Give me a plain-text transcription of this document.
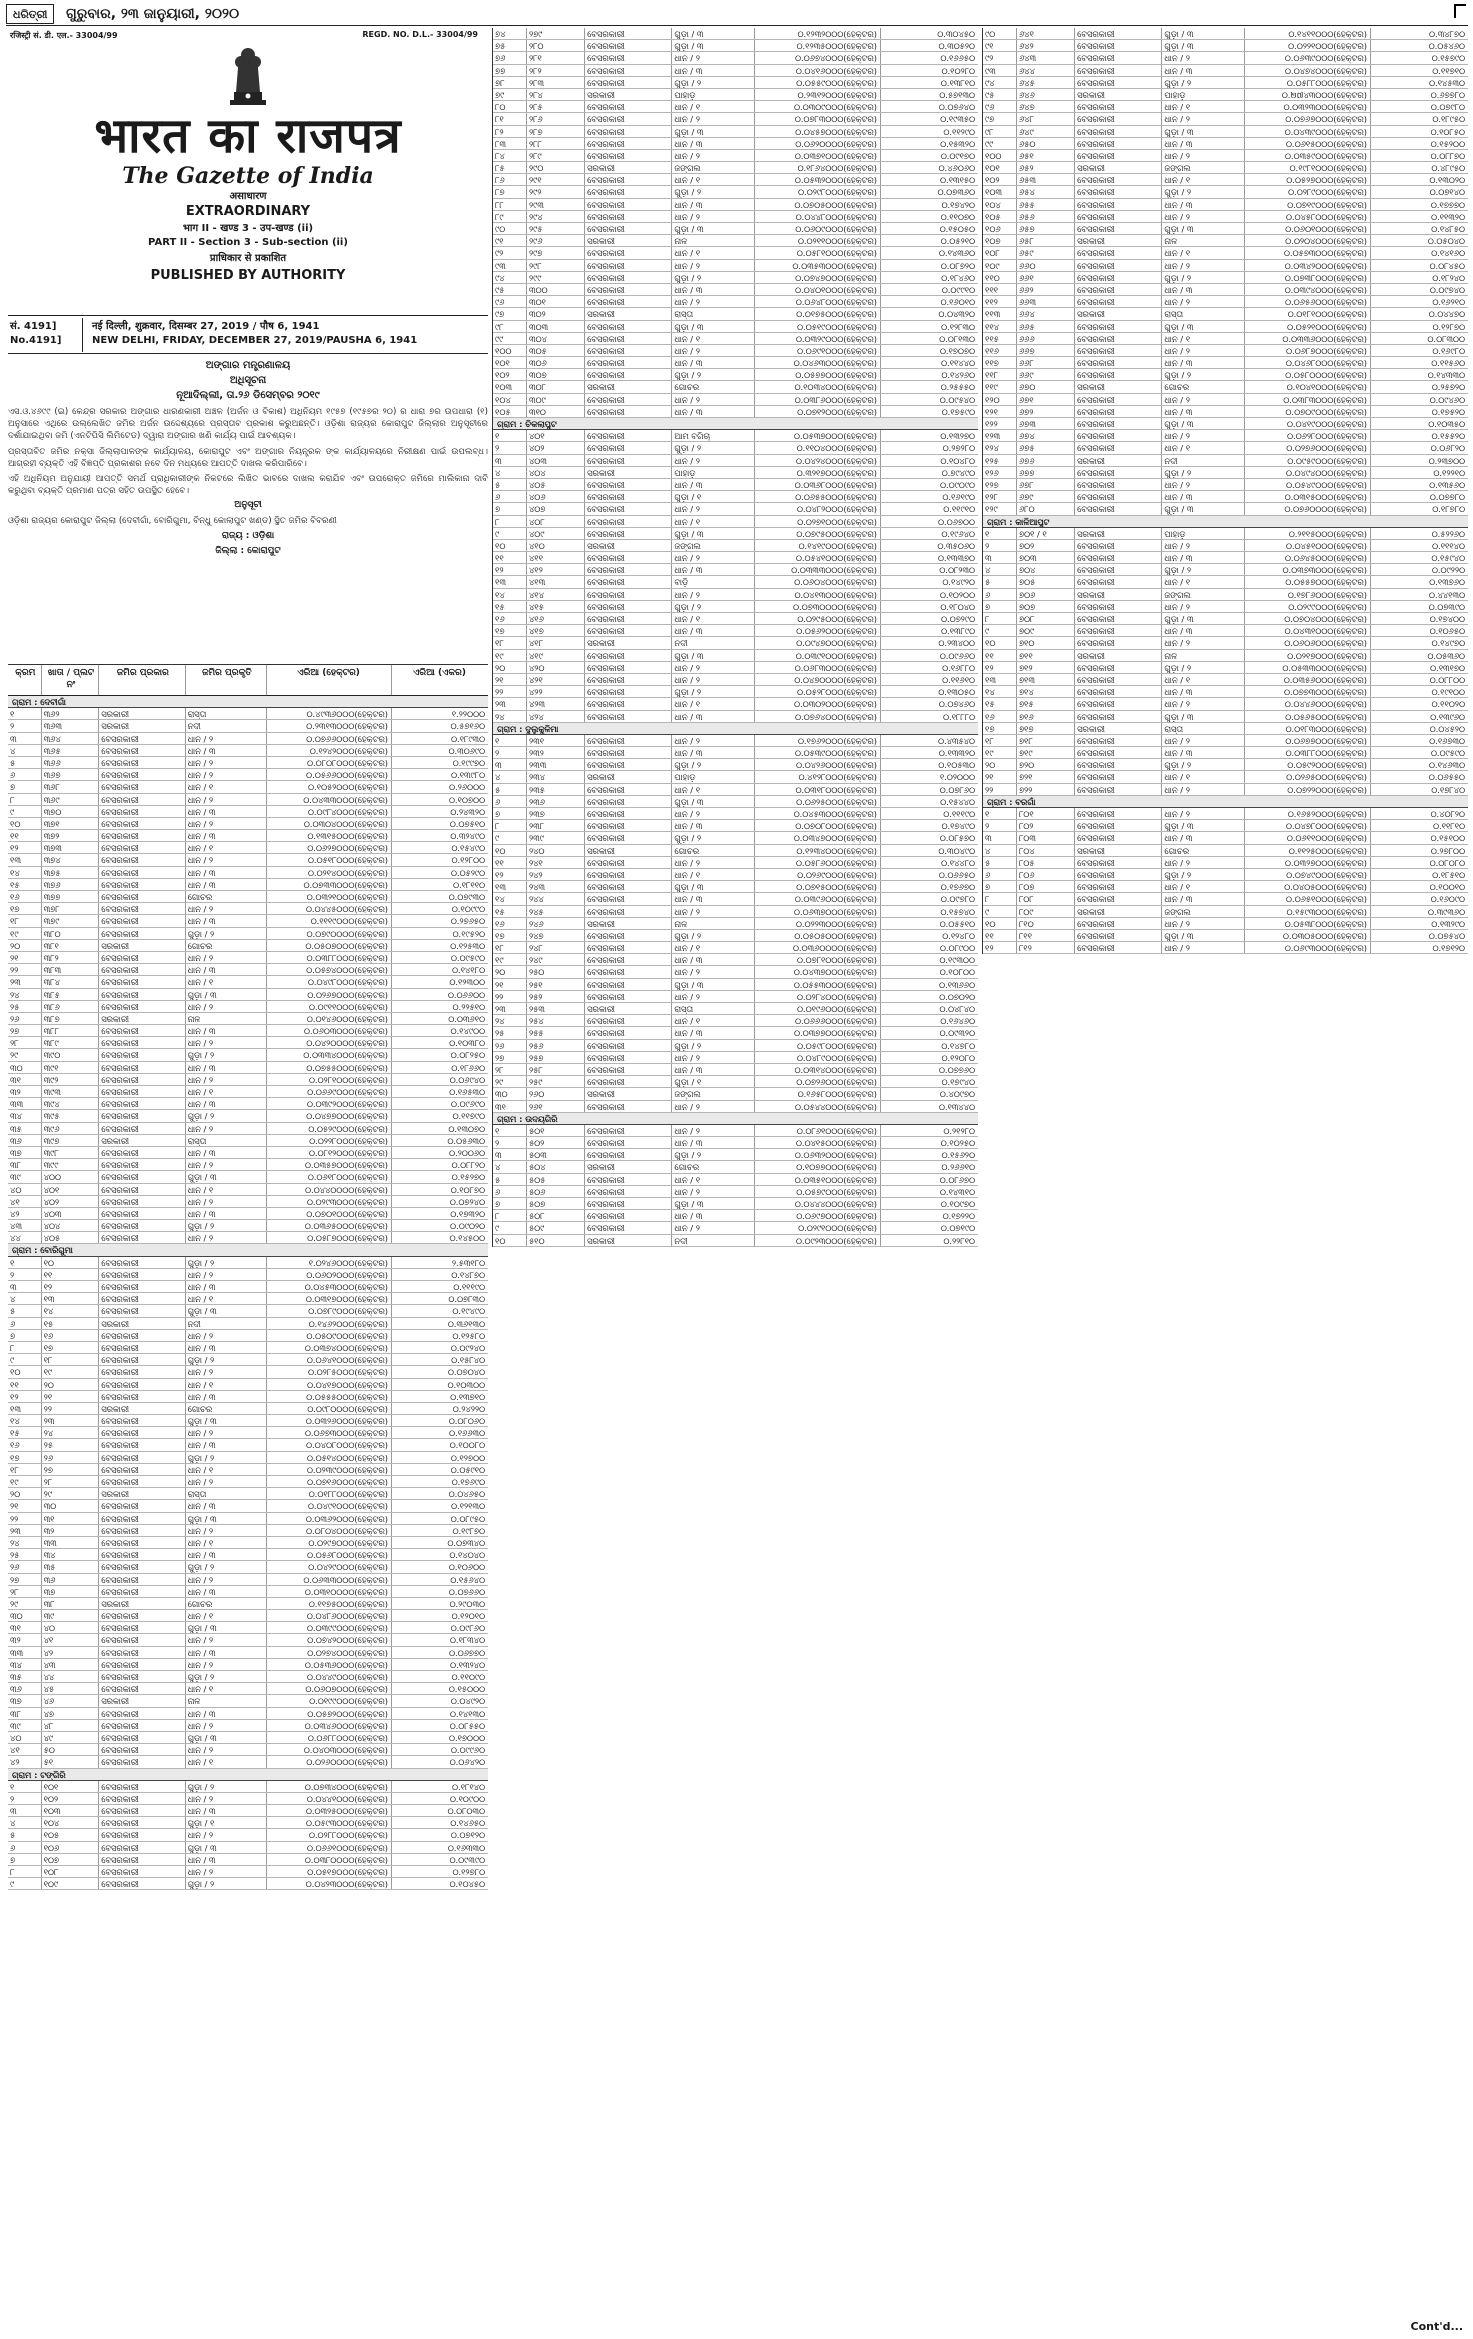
ଧରିତ୍ରୀ	ଗୁରୁବାର, ୨୩ ଜାନୁୟାରୀ, ୨୦୨୦
रजिस्ट्री सं. डी. एल.- 33004/99	REGD. NO. D.L.- 33004/99
भारत का राजपत्र
The Gazette of India
असाधारण
EXTRAORDINARY
भाग II - खण्ड 3 - उप-खण्ड (ii)
PART II - Section 3 - Sub-section (ii)
प्राधिकार से प्रकाशित
PUBLISHED BY AUTHORITY
सं. 4191]
No.4191]
नई दिल्ली, शुक्रवार, दिसम्बर 27, 2019 / पौष 6, 1941
NEW DELHI, FRIDAY, DECEMBER 27, 2019/PAUSHA 6, 1941
ଅଙ୍ଗାର ମନ୍ତ୍ରଣାଳୟ
ଅଧିସୂଚନା
ନୂଆଦିଲ୍ଲୀ, ତା.୨୬ ଡିସେମ୍ବର ୨୦୧୯

ଏସ.ଓ.୪୬୯୯ (ଇ) କେନ୍ଦ୍ର ସରକାର ଅଙ୍ଗାର ଧାରଣକାରୀ ଅଞ୍ଚଳ (ଅର୍ଜନ ଓ ବିକାଶ) ଅଧିନିୟମ ୧୯୫୭ (୧୯୫୭ର ୨୦) ର ଧାରା ୭ର ଉପଧାରା (୧) ଅନୁସାରେ ଏଥିରେ ଉଲ୍ଲେଖିତ ଜମିର ଅର୍ଜନ ଉଦ୍ଦେଶ୍ୟରେ ପ୍ରସ୍ତାବ ପ୍ରକାଶ କରୁଅଛନ୍ତି। ଓଡ଼ିଶା ରାଜ୍ୟର କୋରାପୁଟ ଜିଲ୍ଲାର ଅନୁସୂଚୀରେ ଦର୍ଶାଯାଇଥିବା ଜମି (ଏନଟିପିସି ଲିମିଟେଡ) ଦ୍ୱାରା ଅଙ୍ଗାର ଖଣି କାର୍ଯ୍ୟ ପାଇଁ ଆବଶ୍ୟକ।

ପ୍ରସ୍ତାବିତ ଜମିର ନକ୍ସା ଜିଲ୍ଲାପାଳଙ୍କ କାର୍ଯ୍ୟାଳୟ, କୋରାପୁଟ ଏବଂ ଅଙ୍ଗାର ନିୟନ୍ତ୍ରକ ଙ୍କ କାର୍ଯ୍ୟାଳୟରେ ନିରୀକ୍ଷଣ ପାଇଁ ଉପଲବ୍ଧ। ଆଗ୍ରହୀ ବ୍ୟକ୍ତି ଏହି ବିଜ୍ଞପ୍ତି ପ୍ରକାଶର ନବେ ଦିନ ମଧ୍ୟରେ ଆପତ୍ତି ଦାଖଲ କରିପାରିବେ।

ଏହି ଅଧିନିୟମ ଅନୁଯାୟୀ ଆପତ୍ତି ସମର୍ଥ ପ୍ରାଧିକାରୀଙ୍କ ନିକଟରେ ଲିଖିତ ଭାବରେ ଦାଖଲ କରାଯିବ ଏବଂ ଉପରୋକ୍ତ ଜମିରେ ମାଲିକାନା ଦାବି କରୁଥିବା ବ୍ୟକ୍ତି ପ୍ରମାଣ ପତ୍ର ସହିତ ଉପସ୍ଥିତ ହେବେ।

ଅନୁସୂଚୀ

ଓଡ଼ିଶା ରାଜ୍ୟର କୋରାପୁଟ ଜିଲ୍ଲା (ଦେବୀଗାଁ, ବୋରିଗୁମା, ବିନ୍ଧୁ କୋଲାପୁଟ ଖଣ୍ଡ) ସ୍ଥିତ ଜମିର ବିବରଣୀ

ରାଜ୍ୟ : ଓଡ଼ିଶା
ଜିଲ୍ଲା : କୋରାପୁଟ
କ୍ରମ	ଖାତା / ପ୍ଲଟ ନଂ
ଜମିର ପ୍ରକାର	ଜମିର ପ୍ରକୃତି	ଏରିଆ (ହେକ୍ଟର)	ଏରିଆ (ଏକର)
ଗ୍ରାମ : ଦେବୀଗାଁ
୧	୩୬୨	ସରକାରୀ	ରାସ୍ତା	୦.୪୯୩୬୦୦୦(ହେକ୍ଟର)	୧.୨୨୦୦୦
୨	୩୬୩	ସରକାରୀ	ନଦୀ	୦.୨୩୧୩୦୦୦(ହେକ୍ଟର)	୦.୫୭୧୬୦
୩	୩୬୪	ବେସରକାରୀ	ଧାନ / ୨	୦.୦୭୬୬୦୦୦(ହେକ୍ଟର)	୦.୧୮୯୩୦
୪	୩୬୫	ବେସରକାରୀ	ଧାନ / ୩	୦.୧୨୪୨୦୦୦(ହେକ୍ଟର)	୦.୩୦୬୯୦
୫	୩୬୬	ବେସରକାରୀ	ଧାନ / ୨	୦.୦୮୦୮୦୦୦(ହେକ୍ଟର)	୦.୧୯୯୭୦
୬	୩୬୭	ବେସରକାରୀ	ଧାନ / ୨	୦.୦୫୬୬୦୦୦(ହେକ୍ଟର)	୦.୧୩୯୮୦
୭	୩୬୮	ବେସରକାରୀ	ଧାନ / ୧	୦.୧୦୫୨୦୦୦(ହେକ୍ଟର)	୦.୨୬୦୦୦
୮	୩୬୯	ବେସରକାରୀ	ଧାନ / ୨	୦.୦୪୩୩୦୦୦(ହେକ୍ଟର)	୦.୧୦୭୦୦
୯	୩୭୦	ବେସରକାରୀ	ଧାନ / ୩	୦.୦୯୮୪୦୦୦(ହେକ୍ଟର)	୦.୨୪୩୨୦
୧୦	୩୭୧	ବେସରକାରୀ	ଧାନ / ୨	୦.୦୩୦୪୦୦୦(ହେକ୍ଟର)	୦.୦୭୫୧୦
୧୧	୩୭୨	ବେସରକାରୀ	ଧାନ / ୩	୦.୧୩୧୫୦୦୦(ହେକ୍ଟର)	୦.୩୨୪୯୦
୧୨	୩୭୩	ବେସରକାରୀ	ଧାନ / ୧	୦.୦୬୨୭୦୦୦(ହେକ୍ଟର)	୦.୧୫୪୯୦
୧୩	୩୭୪	ବେସରକାରୀ	ଧାନ / ୨	୦.୦୫୧୮୦୦୦(ହେକ୍ଟର)	୦.୧୨୮୦୦
୧୪	୩୭୫	ବେସରକାରୀ	ଧାନ / ୩	୦.୦୨୧୪୦୦୦(ହେକ୍ଟର)	୦.୦୫୨୯୦
୧୫	୩୭୬	ବେସରକାରୀ	ଧାନ / ୩	୦.୦୭୩୩୦୦୦(ହେକ୍ଟର)	୦.୧୮୧୧୦
୧୬	୩୭୭	ବେସରକାରୀ	ଗୋଚର	୦.୦୩୨୧୦୦୦(ହେକ୍ଟର)	୦.୦୭୯୩୦
୧୭	୩୭୮	ବେସରକାରୀ	ଧାନ / ୨	୦.୦୪୪୫୦୦୦(ହେକ୍ଟର)	୦.୧୦୯୯୦
୧୮	୩୭୯	ବେସରକାରୀ	ଧାନ / ୩	୦.୧୧୧୯୦୦୦(ହେକ୍ଟର)	୦.୨୭୬୫୦
୧୯	୩୮୦	ବେସରକାରୀ	ଗୁଡ଼ା / ୨	୦.୦୭୯୦୦୦୦(ହେକ୍ଟର)	୦.୧୯୫୨୦
୨୦	୩୮୧	ସରକାରୀ	ଗୋଚର	୦.୦୫୦୭୦୦୦(ହେକ୍ଟର)	୦.୧୨୫୩୦
୨୧	୩୮୨	ବେସରକାରୀ	ଧାନ / ୨	୦.୦୩୮୮୦୦୦(ହେକ୍ଟର)	୦.୦୯୫୯୦
୨୨	୩୮୩	ବେସରକାରୀ	ଧାନ / ୩	୦.୦୫୭୪୦୦୦(ହେକ୍ଟର)	୦.୧୪୧୮୦
୨୩	୩୮୪	ବେସରକାରୀ	ଧାନ / ୧	୦.୦୪୯୮୦୦୦(ହେକ୍ଟର)	୦.୧୨୩୦୦
୨୪	୩୮୫	ବେସରକାରୀ	ଗୁଡ଼ା / ୩	୦.୦୨୬୭୦୦୦(ହେକ୍ଟର)	୦.୦୬୬୦୦
୨୫	୩୮୬	ବେସରକାରୀ	ଧାନ / ୨	୦.୦୯୧୧୦୦୦(ହେକ୍ଟର)	୦.୨୨୫୧୦
୨୬	୩୮୭	ସରକାରୀ	ନାଳ	୦.୦୧୪୬୦୦୦(ହେକ୍ଟର)	୦.୦୩୬୧୦
୨୭	୩୮୮	ବେସରକାରୀ	ଧାନ / ୩	୦.୦୬୦୩୦୦୦(ହେକ୍ଟର)	୦.୧୪୯୦୦
୨୮	୩୮୯	ବେସରକାରୀ	ଧାନ / ୨	୦.୦୪୨୦୦୦୦(ହେକ୍ଟର)	୦.୧୦୩୮୦
୨୯	୩୯୦	ବେସରକାରୀ	ଗୁଡ଼ା / ୨	୦.୦୩୩୪୦୦୦(ହେକ୍ଟର)	୦.୦୮୨୫୦
୩୦	୩୯୧	ବେସରକାରୀ	ଧାନ / ୩	୦.୦୭୫୫୦୦୦(ହେକ୍ଟର)	୦.୧୮୬୬୦
୩୧	୩୯୨	ବେସରକାରୀ	ଧାନ / ୨	୦.୦୨୮୧୦୦୦(ହେକ୍ଟର)	୦.୦୬୯୪୦
୩୨	୩୯୩	ବେସରକାରୀ	ଧାନ / ୧	୦.୦୬୬୯୦୦୦(ହେକ୍ଟର)	୦.୧୬୫୩୦
୩୩	୩୯୪	ବେସରକାରୀ	ଧାନ / ୩	୦.୦୩୯୨୦୦୦(ହେକ୍ଟର)	୦.୦୯୬୯୦
୩୪	୩୯୫	ବେସରକାରୀ	ଗୁଡ଼ା / ୨	୦.୦୪୭୭୦୦୦(ହେକ୍ଟର)	୦.୧୧୭୯୦
୩୫	୩୯୬	ବେସରକାରୀ	ଧାନ / ୨	୦.୦୫୨୯୦୦୦(ହେକ୍ଟର)	୦.୧୩୦୭୦
୩୬	୩୯୭	ସରକାରୀ	ରାସ୍ତା	୦.୦୨୨୮୦୦୦(ହେକ୍ଟର)	୦.୦୫୬୩୦
୩୭	୩୯୮	ବେସରକାରୀ	ଧାନ / ୩	୦.୦୮୧୨୦୦୦(ହେକ୍ଟର)	୦.୨୦୦୬୦
୩୮	୩୯୯	ବେସରକାରୀ	ଧାନ / ୨	୦.୦୩୫୭୦୦୦(ହେକ୍ଟର)	୦.୦୮୮୨୦
୩୯	୪୦୦	ବେସରକାରୀ	ଗୁଡ଼ା / ୩	୦.୦୬୧୮୦୦୦(ହେକ୍ଟର)	୦.୧୫୨୭୦
୪୦	୪୦୧	ବେସରକାରୀ	ଧାନ / ୧	୦.୦୪୪୦୦୦୦(ହେକ୍ଟର)	୦.୧୦୮୭୦
୪୧	୪୦୨	ବେସରକାରୀ	ଧାନ / ୨	୦.୦୨୯୩୦୦୦(ହେକ୍ଟର)	୦.୦୭୨୪୦
୪୨	୪୦୩	ବେସରକାରୀ	ଧାନ / ୩	୦.୦୭୦୧୦୦୦(ହେକ୍ଟର)	୦.୧୭୩୨୦
୪୩	୪୦୪	ବେସରକାରୀ	ଗୁଡ଼ା / ୨	୦.୦୩୬୫୦୦୦(ହେକ୍ଟର)	୦.୦୯୦୨୦
୪୪	୪୦୫	ବେସରକାରୀ	ଧାନ / ୨	୦.୦୫୮୭୦୦୦(ହେକ୍ଟର)	୦.୧୪୫୦୦
ଗ୍ରାମ : ବୋରିଗୁମା
୧	୧୦	ବେସରକାରୀ	ଗୁଡ଼ା / ୨	୧.୦୨୪୬୦୦୦(ହେକ୍ଟର)	୨.୫୩୧୮୦
୨	୧୧	ବେସରକାରୀ	ଧାନ / ୨	୦.୦୬୦୨୦୦୦(ହେକ୍ଟର)	୦.୧୪୮୭୦
୩	୧୨	ବେସରକାରୀ	ଧାନ / ୩	୦.୦୪୫୩୦୦୦(ହେକ୍ଟର)	୦.୧୧୧୯୦
୪	୧୩	ବେସରକାରୀ	ଧାନ / ୧	୦.୦୩୧୭୦୦୦(ହେକ୍ଟର)	୦.୦୭୮୩୦
୫	୧୪	ବେସରକାରୀ	ଗୁଡ଼ା / ୩	୦.୦୭୮୯୦୦୦(ହେକ୍ଟର)	୦.୧୯୪୯୦
୬	୧୫	ସରକାରୀ	ନଦୀ	୦.୧୪୬୨୦୦୦(ହେକ୍ଟର)	୦.୩୬୧୩୦
୭	୧୬	ବେସରକାରୀ	ଧାନ / ୨	୦.୦୫୦୯୦୦୦(ହେକ୍ଟର)	୦.୧୨୫୮୦
୮	୧୭	ବେସରକାରୀ	ଧାନ / ୩	୦.୦୩୭୪୦୦୦(ହେକ୍ଟର)	୦.୦୯୨୪୦
୯	୧୮	ବେସରକାରୀ	ଗୁଡ଼ା / ୨	୦.୦୬୪୧୦୦୦(ହେକ୍ଟର)	୦.୧୫୮୪୦
୧୦	୧୯	ବେସରକାରୀ	ଧାନ / ୨	୦.୦୨୮୫୦୦୦(ହେକ୍ଟର)	୦.୦୭୦୪୦
୧୧	୨୦	ବେସରକାରୀ	ଧାନ / ୧	୦.୦୪୧୭୦୦୦(ହେକ୍ଟର)	୦.୧୦୩୦୦
୧୨	୨୧	ବେସରକାରୀ	ଧାନ / ୩	୦.୦୫୫୫୦୦୦(ହେକ୍ଟର)	୦.୧୩୭୧୦
୧୩	୨୨	ସରକାରୀ	ଗୋଚର	୦.୦୯୮୦୦୦୦(ହେକ୍ଟର)	୦.୨୪୨୨୦
୧୪	୨୩	ବେସରକାରୀ	ଗୁଡ଼ା / ୩	୦.୦୩୨୬୦୦୦(ହେକ୍ଟର)	୦.୦୮୦୬୦
୧୫	୨୪	ବେସରକାରୀ	ଧାନ / ୨	୦.୦୬୭୩୦୦୦(ହେକ୍ଟର)	୦.୧୬୬୩୦
୧୬	୨୫	ବେସରକାରୀ	ଧାନ / ୩	୦.୦୪୦୮୦୦୦(ହେକ୍ଟର)	୦.୧୦୦୮୦
୧୭	୨୬	ବେସରକାରୀ	ଗୁଡ଼ା / ୨	୦.୦୫୧୪୦୦୦(ହେକ୍ଟର)	୦.୧୨୭୦୦
୧୮	୨୭	ବେସରକାରୀ	ଧାନ / ୧	୦.୦୨୩୯୦୦୦(ହେକ୍ଟର)	୦.୦୫୯୧୦
୧୯	୨୮	ବେସରକାରୀ	ଧାନ / ୨	୦.୦୭୧୬୦୦୦(ହେକ୍ଟର)	୦.୧୭୬୯୦
୨୦	୨୯	ସରକାରୀ	ରାସ୍ତା	୦.୦୧୮୮୦୦୦(ହେକ୍ଟର)	୦.୦୪୬୫୦
୨୧	୩୦	ବେସରକାରୀ	ଧାନ / ୩	୦.୦୪୯୧୦୦୦(ହେକ୍ଟର)	୦.୧୨୧୩୦
୨୨	୩୧	ବେସରକାରୀ	ଗୁଡ଼ା / ୩	୦.୦୩୬୨୦୦୦(ହେକ୍ଟର)	୦.୦୮୯୫୦
୨୩	୩୨	ବେସରକାରୀ	ଧାନ / ୨	୦.୦୮୦୪୦୦୦(ହେକ୍ଟର)	୦.୧୯୮୭୦
୨୪	୩୩	ବେସରକାରୀ	ଧାନ / ୧	୦.୦୨୯୭୦୦୦(ହେକ୍ଟର)	୦.୦୭୩୪୦
୨୫	୩୪	ବେସରକାରୀ	ଧାନ / ୩	୦.୦୫୬୮୦୦୦(ହେକ୍ଟର)	୦.୧୪୦୪୦
୨୬	୩୫	ବେସରକାରୀ	ଗୁଡ଼ା / ୨	୦.୦୪୨୯୦୦୦(ହେକ୍ଟର)	୦.୧୦୬୦୦
୨୭	୩୬	ବେସରକାରୀ	ଧାନ / ୨	୦.୦୬୩୩୦୦୦(ହେକ୍ଟର)	୦.୧୫୬୪୦
୨୮	୩୭	ବେସରକାରୀ	ଧାନ / ୩	୦.୦୩୧୦୦୦୦(ହେକ୍ଟର)	୦.୦୭୬୬୦
୨୯	୩୮	ସରକାରୀ	ଗୋଚର	୦.୧୧୭୫୦୦୦(ହେକ୍ଟର)	୦.୨୯୦୩୦
୩୦	୩୯	ବେସରକାରୀ	ଧାନ / ୧	୦.୦୪୮୬୦୦୦(ହେକ୍ଟର)	୦.୧୨୦୧୦
୩୧	୪୦	ବେସରକାରୀ	ଗୁଡ଼ା / ୩	୦.୦୩୯୯୦୦୦(ହେକ୍ଟର)	୦.୦୯୮୬୦
୩୨	୪୧	ବେସରକାରୀ	ଧାନ / ୨	୦.୦୭୪୨୦୦୦(ହେକ୍ଟର)	୦.୧୮୩୪୦
୩୩	୪୨	ବେସରକାରୀ	ଧାନ / ୩	୦.୦୨୭୪୦୦୦(ହେକ୍ଟର)	୦.୦୬୭୭୦
୩୪	୪୩	ବେସରକାରୀ	ଧାନ / ୨	୦.୦୫୩୬୦୦୦(ହେକ୍ଟର)	୦.୧୩୨୪୦
୩୫	୪୪	ବେସରକାରୀ	ଗୁଡ଼ା / ୨	୦.୦୪୪୯୦୦୦(ହେକ୍ଟର)	୦.୧୧୦୯୦
୩୬	୪୫	ବେସରକାରୀ	ଧାନ / ୧	୦.୦୬୦୭୦୦୦(ହେକ୍ଟର)	୦.୧୫୦୦୦
୩୭	୪୬	ସରକାରୀ	ନାଳ	୦.୦୧୯୯୦୦୦(ହେକ୍ଟର)	୦.୦୪୯୨୦
୩୮	୪୭	ବେସରକାରୀ	ଧାନ / ୩	୦.୦୫୭୨୦୦୦(ହେକ୍ଟର)	୦.୧୪୧୩୦
୩୯	୪୮	ବେସରକାରୀ	ଧାନ / ୨	୦.୦୩୪୬୦୦୦(ହେକ୍ଟର)	୦.୦୮୫୫୦
୪୦	୪୯	ବେସରକାରୀ	ଗୁଡ଼ା / ୩	୦.୦୬୮୮୦୦୦(ହେକ୍ଟର)	୦.୧୭୦୦୦
୪୧	୫୦	ବେସରକାରୀ	ଧାନ / ୨	୦.୦୪୦୩୦୦୦(ହେକ୍ଟର)	୦.୦୯୯୬୦
୪୨	୫୧	ବେସରକାରୀ	ଧାନ / ୧	୦.୦୨୬୦୦୦୦(ହେକ୍ଟର)	୦.୦୬୪୨୦
ଗ୍ରାମ : ଟଙ୍ଗିରି
୧	୧୦୧	ବେସରକାରୀ	ଗୁଡ଼ା / ୨	୦.୦୭୩୪୦୦୦(ହେକ୍ଟର)	୦.୧୮୧୪୦
୨	୧୦୨	ବେସରକାରୀ	ଧାନ / ୨	୦.୦୪୪୧୦୦୦(ହେକ୍ଟର)	୦.୧୦୯୦୦
୩	୧୦୩	ବେସରକାରୀ	ଧାନ / ୩	୦.୦୩୨୫୦୦୦(ହେକ୍ଟର)	୦.୦୮୦୩୦
୪	୧୦୪	ବେସରକାରୀ	ଗୁଡ଼ା / ୧	୦.୦୫୯୩୦୦୦(ହେକ୍ଟର)	୦.୧୪୬୫୦
୫	୧୦୫	ବେସରକାରୀ	ଧାନ / ୨	୦.୦୨୮୮୦୦୦(ହେକ୍ଟର)	୦.୦୭୧୨୦
୬	୧୦୬	ବେସରକାରୀ	ଗୁଡ଼ା / ୩	୦.୦୬୬୧୦୦୦(ହେକ୍ଟର)	୦.୧୬୩୩୦
୭	୧୦୭	ବେସରକାରୀ	ଧାନ / ୩	୦.୦୩୮୦୦୦୦(ହେକ୍ଟର)	୦.୦୯୩୯୦
୮	୧୦୮	ବେସରକାରୀ	ଧାନ / ୨	୦.୦୫୧୭୦୦୦(ହେକ୍ଟର)	୦.୧୨୭୮୦
୯	୧୦୯	ବେସରକାରୀ	ଗୁଡ଼ା / ୨	୦.୦୪୨୩୦୦୦(ହେକ୍ଟର)	୦.୧୦୪୫୦
୭୪	୨୭୯	ବେସରକାରୀ	ଗୁଡ଼ା / ୩	୦.୧୨୩୨୦୦୦(ହେକ୍ଟର)	୦.୩୦୪୫୦
୭୫	୨୮୦	ବେସରକାରୀ	ଗୁଡ଼ା / ୩	୦.୧୨୩୫୦୦୦(ହେକ୍ଟର)	୦.୩୦୫୨୦
୭୬	୨୮୧	ବେସରକାରୀ	ଧାନ / ୨	୦.୦୬୭୪୦୦୦(ହେକ୍ଟର)	୦.୧୬୬୫୦
୭୭	୨୮୨	ବେସରକାରୀ	ଧାନ / ୩	୦.୦୪୧୬୦୦୦(ହେକ୍ଟର)	୦.୧୦୨୮୦
୭୮	୨୮୩	ବେସରକାରୀ	ଗୁଡ଼ା / ୨	୦.୦୫୫୯୦୦୦(ହେକ୍ଟର)	୦.୧୩୮୧୦
୭୯	୨୮୪	ସରକାରୀ	ପାହାଡ଼	୦.୨୩୧୨୦୦୦(ହେକ୍ଟର)	୦.୫୭୧୩୦
୮୦	୨୮୫	ବେସରକାରୀ	ଧାନ / ୧	୦.୦୩୦୯୦୦୦(ହେକ୍ଟର)	୦.୦୭୬୪୦
୮୧	୨୮୬	ବେସରକାରୀ	ଧାନ / ୨	୦.୦୭୮୩୦୦୦(ହେକ୍ଟର)	୦.୧୯୩୫୦
୮୨	୨୮୭	ବେସରକାରୀ	ଗୁଡ଼ା / ୩	୦.୦୪୫୭୦୦୦(ହେକ୍ଟର)	୦.୧୧୨୯୦
୮୩	୨୮୮	ବେସରକାରୀ	ଧାନ / ୩	୦.୦୬୨୦୦୦୦(ହେକ୍ଟର)	୦.୧୫୩୨୦
୮୪	୨୮୯	ବେସରକାରୀ	ଧାନ / ୨	୦.୦୩୭୧୦୦୦(ହେକ୍ଟର)	୦.୦୯୧୭୦
୮୫	୨୯୦	ସରକାରୀ	ଜଙ୍ଗଲ	୦.୧୮୬୪୦୦୦(ହେକ୍ଟର)	୦.୪୬୦୬୦
୮୬	୨୯୧	ବେସରକାରୀ	ଧାନ / ୧	୦.୦୫୩୨୦୦୦(ହେକ୍ଟର)	୦.୧୩୧୫୦
୮୭	୨୯୨	ବେସରକାରୀ	ଗୁଡ଼ା / ୨	୦.୦୨୯୮୦୦୦(ହେକ୍ଟର)	୦.୦୭୩୬୦
୮୮	୨୯୩	ବେସରକାରୀ	ଧାନ / ୩	୦.୦୭୦୫୦୦୦(ହେକ୍ଟର)	୦.୧୭୪୨୦
୮୯	୨୯୪	ବେସରକାରୀ	ଧାନ / ୨	୦.୦୪୪୮୦୦୦(ହେକ୍ଟର)	୦.୧୧୦୭୦
୯୦	୨୯୫	ବେସରକାରୀ	ଗୁଡ଼ା / ୩	୦.୦୬୦୯୦୦୦(ହେକ୍ଟର)	୦.୧୫୦୫୦
୯୧	୨୯୬	ସରକାରୀ	ନାଳ	୦.୦୨୧୧୦୦୦(ହେକ୍ଟର)	୦.୦୫୨୧୦
୯୨	୨୯୭	ବେସରକାରୀ	ଧାନ / ୧	୦.୦୫୮୧୦୦୦(ହେକ୍ଟର)	୦.୧୪୩୬୦
୯୩	୨୯୮	ବେସରକାରୀ	ଧାନ / ୨	୦.୦୩୫୩୦୦୦(ହେକ୍ଟର)	୦.୦୮୭୨୦
୯୪	୨୯୯	ବେସରକାରୀ	ଗୁଡ଼ା / ୨	୦.୦୭୪୭୦୦୦(ହେକ୍ଟର)	୦.୧୮୪୬୦
୯୫	୩୦୦	ବେସରକାରୀ	ଧାନ / ୩	୦.୦୪୦୧୦୦୦(ହେକ୍ଟର)	୦.୦୯୯୧୦
୯୬	୩୦୧	ବେସରକାରୀ	ଧାନ / ୨	୦.୦୬୪୮୦୦୦(ହେକ୍ଟର)	୦.୧୬୦୧୦
୯୭	୩୦୨	ସରକାରୀ	ରାସ୍ତା	୦.୦୧୭୫୦୦୦(ହେକ୍ଟର)	୦.୦୪୩୨୦
୯୮	୩୦୩	ବେସରକାରୀ	ଗୁଡ଼ା / ୩	୦.୦୫୧୯୦୦୦(ହେକ୍ଟର)	୦.୧୨୮୩୦
୯୯	୩୦୪	ବେସରକାରୀ	ଧାନ / ୧	୦.୦୩୨୯୦୦୦(ହେକ୍ଟର)	୦.୦୮୧୩୦
୧୦୦	୩୦୫	ବେସରକାରୀ	ଧାନ / ୨	୦.୦୬୯୧୦୦୦(ହେକ୍ଟର)	୦.୧୭୦୭୦
୧୦୧	୩୦୬	ବେସରକାରୀ	ଧାନ / ୩	୦.୦୪୬୩୦୦୦(ହେକ୍ଟର)	୦.୧୧୪୪୦
୧୦୨	୩୦୭	ବେସରକାରୀ	ଗୁଡ଼ା / ୨	୦.୦୫୭୭୦୦୦(ହେକ୍ଟର)	୦.୧୪୨୬୦
୧୦୩	୩୦୮	ସରକାରୀ	ଗୋଚର	୦.୧୦୩୪୦୦୦(ହେକ୍ଟର)	୦.୨୫୫୫୦
୧୦୪	୩୦୯	ବେସରକାରୀ	ଧାନ / ୨	୦.୦୩୮୬୦୦୦(ହେକ୍ଟର)	୦.୦୯୫୪୦
୧୦୫	୩୧୦	ବେସରକାରୀ	ଧାନ / ୩	୦.୦୭୧୨୦୦୦(ହେକ୍ଟର)	୦.୧୭୫୯୦
ଗ୍ରାମ : ଚିକଲାପୁଟ
୧	୪୦୧	ବେସରକାରୀ	ଆମ ବଗିଚା	୦.୦୫୩୭୦୦୦(ହେକ୍ଟର)	୦.୧୩୨୭୦
୨	୪୦୨	ବେସରକାରୀ	ଗୁଡ଼ା / ୨	୦.୧୧୦୪୦୦୦(ହେକ୍ଟର)	୦.୨୭୨୮୦
୩	୪୦୩	ବେସରକାରୀ	ଧାନ / ୨	୦.୦୪୨୪୦୦୦(ହେକ୍ଟର)	୦.୧୦୪୮୦
୪	୪୦୪	ସରକାରୀ	ପାହାଡ଼	୦.୩୨୧୭୦୦୦(ହେକ୍ଟର)	୦.୭୯୪୯୦
୫	୪୦୫	ବେସରକାରୀ	ଧାନ / ୩	୦.୦୩୬୮୦୦୦(ହେକ୍ଟର)	୦.୦୯୦୯୦
୬	୪୦୬	ବେସରକାରୀ	ଗୁଡ଼ା / ୧	୦.୦୬୫୫୦୦୦(ହେକ୍ଟର)	୦.୧୬୧୯୦
୭	୪୦୭	ବେସରକାରୀ	ଧାନ / ୨	୦.୦୪୮୨୦୦୦(ହେକ୍ଟର)	୦.୧୧୯୧୦
୮	୪୦୮	ବେସରକାରୀ	ଧାନ / ୧	୦.୦୨୭୧୦୦୦(ହେକ୍ଟର)	୦.୦୬୭୦୦
୯	୪୦୯	ବେସରକାରୀ	ଗୁଡ଼ା / ୩	୦.୦୭୯୫୦୦୦(ହେକ୍ଟର)	୦.୧୯୬୪୦
୧୦	୪୧୦	ସରକାରୀ	ଜଙ୍ଗଲ	୦.୧୪୧୯୦୦୦(ହେକ୍ଟର)	୦.୩୫୦୬୦
୧୧	୪୧୧	ବେସରକାରୀ	ଧାନ / ୨	୦.୦୫୪୧୦୦୦(ହେକ୍ଟର)	୦.୧୩୩୭୦
୧୨	୪୧୨	ବେସରକାରୀ	ଧାନ / ୩	୦.୦୩୩୩୦୦୦(ହେକ୍ଟର)	୦.୦୮୨୩୦
୧୩	୪୧୩	ବେସରକାରୀ	ବାଡ଼ି	୦.୦୬୦୪୦୦୦(ହେକ୍ଟର)	୦.୧୪୯୨୦
୧୪	୪୧୪	ବେସରକାରୀ	ଧାନ / ୨	୦.୦୪୧୩୦୦୦(ହେକ୍ଟର)	୦.୧୦୨୦୦
୧୫	୪୧୫	ବେସରକାରୀ	ଗୁଡ଼ା / ୨	୦.୦୭୩୦୦୦୦(ହେକ୍ଟର)	୦.୧୮୦୪୦
୧୬	୪୧୬	ବେସରକାରୀ	ଧାନ / ୧	୦.୦୨୯୫୦୦୦(ହେକ୍ଟର)	୦.୦୭୨୯୦
୧୭	୪୧୭	ବେସରକାରୀ	ଧାନ / ୩	୦.୦୫୬୨୦୦୦(ହେକ୍ଟର)	୦.୧୩୮୯୦
୧୮	୪୧୮	ସରକାରୀ	ନଦୀ	୦.୦୯୪୭୦୦୦(ହେକ୍ଟର)	୦.୨୩୪୦୦
୧୯	୪୧୯	ବେସରକାରୀ	ଗୁଡ଼ା / ୩	୦.୦୩୯୧୦୦୦(ହେକ୍ଟର)	୦.୦୯୬୬୦
୨୦	୪୨୦	ବେସରକାରୀ	ଧାନ / ୨	୦.୦୬୮୩୦୦୦(ହେକ୍ଟର)	୦.୧୬୮୮୦
୨୧	୪୨୧	ବେସରକାରୀ	ଧାନ / ୨	୦.୦୪୭୦୦୦୦(ହେକ୍ଟର)	୦.୧୧୬୧୦
୨୨	୪୨୨	ବେସରକାରୀ	ଗୁଡ଼ା / ୨	୦.୦୫୨୮୦୦୦(ହେକ୍ଟର)	୦.୧୩୦୫୦
୨୩	୪୨୩	ବେସରକାରୀ	ଧାନ / ୧	୦.୦୩୦୨୦୦୦(ହେକ୍ଟର)	୦.୦୭୪୬୦
୨୪	୪୨୪	ବେସରକାରୀ	ଧାନ / ୩	୦.୦୭୬୪୦୦୦(ହେକ୍ଟର)	୦.୧୮୮୮୦
ଗ୍ରାମ : ଦୁଲୁକୁଳିମା
୧	୨୩୧	ବେସରକାରୀ	ଧାନ / ୨	୦.୧୭୬୨୦୦୦(ହେକ୍ଟର)	୦.୪୩୫୪୦
୨	୨୩୨	ବେସରକାରୀ	ଧାନ / ୩	୦.୦୫୩୯୦୦୦(ହେକ୍ଟର)	୦.୧୩୩୨୦
୩	୨୩୩	ବେସରକାରୀ	ଗୁଡ଼ା / ୨	୦.୦୪୨୬୦୦୦(ହେକ୍ଟର)	୦.୧୦୫୩୦
୪	୨୩୪	ସରକାରୀ	ପାହାଡ଼	୦.୪୧୨୮୦୦୦(ହେକ୍ଟର)	୧.୦୨୦୦୦
୫	୨୩୫	ବେସରକାରୀ	ଧାନ / ୧	୦.୦୩୧୮୦୦୦(ହେକ୍ଟର)	୦.୦୭୮୬୦
୬	୨୩୬	ବେସରକାରୀ	ଗୁଡ଼ା / ୩	୦.୦୬୨୫୦୦୦(ହେକ୍ଟର)	୦.୧୫୪୪୦
୭	୨୩୭	ବେସରକାରୀ	ଧାନ / ୨	୦.୦୪୫୩୦୦୦(ହେକ୍ଟର)	୦.୧୧୧୯୦
୮	୨୩୮	ବେସରକାରୀ	ଧାନ / ୩	୦.୦୭୦୮୦୦୦(ହେକ୍ଟର)	୦.୧୭୪୯୦
୯	୨୩୯	ବେସରକାରୀ	ଗୁଡ଼ା / ୨	୦.୦୩୪୭୦୦୦(ହେକ୍ଟର)	୦.୦୮୫୭୦
୧୦	୨୪୦	ସରକାରୀ	ଗୋଚର	୦.୧୨୩୪୦୦୦(ହେକ୍ଟର)	୦.୩୦୪୯୦
୧୧	୨୪୧	ବେସରକାରୀ	ଧାନ / ୨	୦.୦୫୮୬୦୦୦(ହେକ୍ଟର)	୦.୧୪୪୮୦
୧୨	୨୪୨	ବେସରକାରୀ	ଧାନ / ୧	୦.୦୨୬୯୦୦୦(ହେକ୍ଟର)	୦.୦୬୬୫୦
୧୩	୨୪୩	ବେସରକାରୀ	ଗୁଡ଼ା / ୩	୦.୦୭୧୫୦୦୦(ହେକ୍ଟର)	୦.୧୭୬୭୦
୧୪	୨୪୪	ବେସରକାରୀ	ଧାନ / ୩	୦.୦୩୯୬୦୦୦(ହେକ୍ଟର)	୦.୦୯୭୮୦
୧୫	୨୪୫	ବେସରକାରୀ	ଧାନ / ୨	୦.୦୬୩୭୦୦୦(ହେକ୍ଟର)	୦.୧୫୭୪୦
୧୬	୨୪୬	ସରକାରୀ	ନାଳ	୦.୦୨୨୩୦୦୦(ହେକ୍ଟର)	୦.୦୫୫୧୦
୧୭	୨୪୭	ବେସରକାରୀ	ଗୁଡ଼ା / ୨	୦.୦୫୦୫୦୦୦(ହେକ୍ଟର)	୦.୧୨୪୮୦
୧୮	୨୪୮	ବେସରକାରୀ	ଧାନ / ୧	୦.୦୩୬୦୦୦୦(ହେକ୍ଟର)	୦.୦୮୯୦୦
୧୯	୨୪୯	ବେସରକାରୀ	ଧାନ / ୩	୦.୦୭୮୧୦୦୦(ହେକ୍ଟର)	୦.୧୯୩୦୦
୨୦	୨୫୦	ବେସରକାରୀ	ଧାନ / ୨	୦.୦୪୩୭୦୦୦(ହେକ୍ଟର)	୦.୧୦୮୦୦
୨୧	୨୫୧	ବେସରକାରୀ	ଗୁଡ଼ା / ୩	୦.୦୫୫୩୦୦୦(ହେକ୍ଟର)	୦.୧୩୬୬୦
୨୨	୨୫୨	ବେସରକାରୀ	ଧାନ / ୨	୦.୦୨୮୪୦୦୦(ହେକ୍ଟର)	୦.୦୭୦୨୦
୨୩	୨୫୩	ସରକାରୀ	ରାସ୍ତା	୦.୦୧୯୬୦୦୦(ହେକ୍ଟର)	୦.୦୪୮୪୦
୨୪	୨୫୪	ବେସରକାରୀ	ଧାନ / ୧	୦.୦୬୬୬୦୦୦(ହେକ୍ଟର)	୦.୧୬୪୬୦
୨୫	୨୫୫	ବେସରକାରୀ	ଧାନ / ୩	୦.୦୩୭୭୦୦୦(ହେକ୍ଟର)	୦.୦୯୩୨୦
୨୬	୨୫୬	ବେସରକାରୀ	ଗୁଡ଼ା / ୨	୦.୦୫୯୮୦୦୦(ହେକ୍ଟର)	୦.୧୪୭୮୦
୨୭	୨୫୭	ବେସରକାରୀ	ଧାନ / ୨	୦.୦୪୮୯୦୦୦(ହେକ୍ଟର)	୦.୧୨୦୮୦
୨୮	୨୫୮	ବେସରକାରୀ	ଧାନ / ୩	୦.୦୩୧୪୦୦୦(ହେକ୍ଟର)	୦.୦୭୭୬୦
୨୯	୨୫୯	ବେସରକାରୀ	ଗୁଡ଼ା / ୧	୦.୦୭୨୬୦୦୦(ହେକ୍ଟର)	୦.୧୭୯୪୦
୩୦	୨୬୦	ସରକାରୀ	ଜଙ୍ଗଲ	୦.୧୬୫୮୦୦୦(ହେକ୍ଟର)	୦.୪୦୯୭୦
୩୧	୨୬୧	ବେସରକାରୀ	ଧାନ / ୨	୦.୦୫୪୪୦୦୦(ହେକ୍ଟର)	୦.୧୩୪୪୦
ଗ୍ରାମ : ଉଦୟଗିରି
୧	୫୦୧	ବେସରକାରୀ	ଧାନ / ୨	୦.୦୮୬୧୦୦୦(ହେକ୍ଟର)	୦.୨୧୨୮୦
୨	୫୦୨	ବେସରକାରୀ	ଧାନ / ୩	୦.୦୪୧୫୦୦୦(ହେକ୍ଟର)	୦.୧୦୨୫୦
୩	୫୦୩	ବେସରକାରୀ	ଗୁଡ଼ା / ୨	୦.୦୬୩୨୦୦୦(ହେକ୍ଟର)	୦.୧୫୬୨୦
୪	୫୦୪	ସରକାରୀ	ଗୋଚର	୦.୧୦୭୭୦୦୦(ହେକ୍ଟର)	୦.୨୬୬୧୦
୫	୫୦୫	ବେସରକାରୀ	ଧାନ / ୧	୦.୦୩୫୧୦୦୦(ହେକ୍ଟର)	୦.୦୮୬୭୦
୬	୫୦୬	ବେସରକାରୀ	ଧାନ / ୨	୦.୦୫୭୯୦୦୦(ହେକ୍ଟର)	୦.୧୪୩୧୦
୭	୫୦୭	ବେସରକାରୀ	ଗୁଡ଼ା / ୩	୦.୦୪୪୪୦୦୦(ହେକ୍ଟର)	୦.୧୦୯୭୦
୮	୫୦୮	ବେସରକାରୀ	ଧାନ / ୩	୦.୦୬୯୭୦୦୦(ହେକ୍ଟର)	୦.୧୭୨୨୦
୯	୫୦୯	ବେସରକାରୀ	ଧାନ / ୨	୦.୦୨୯୧୦୦୦(ହେକ୍ଟର)	୦.୦୭୧୯୦
୧୦	୫୧୦	ସରକାରୀ	ନଦୀ	୦.୦୯୨୩୦୦୦(ହେକ୍ଟର)	୦.୨୨୮୧୦
୯୦	୬୪୧	ବେସରକାରୀ	ଗୁଡ଼ା / ୩	୦.୧୪୧୧୦୦୦(ହେକ୍ଟର)	୦.୩୪୮୭୦
୯୧	୬୪୨	ବେସରକାରୀ	ଗୁଡ଼ା / ୩	୦.୦୨୨୧୦୦୦(ହେକ୍ଟର)	୦.୦୫୪୬୦
୯୨	୬୪୩	ବେସରକାରୀ	ଧାନ / ୨	୦.୦୬୩୯୦୦୦(ହେକ୍ଟର)	୦.୧୫୭୯୦
୯୩	୬୪୪	ବେସରକାରୀ	ଧାନ / ୩	୦.୦୪୭୪୦୦୦(ହେକ୍ଟର)	୦.୧୧୭୧୦
୯୪	୬୪୫	ବେସରକାରୀ	ଗୁଡ଼ା / ୨	୦.୦୫୮୮୦୦୦(ହେକ୍ଟର)	୦.୧୪୫୩୦
୯୫	୬୪୬	ସରକାରୀ	ପାହାଡ଼	୦.២៧୪୩୦୦୦(ହେକ୍ଟର)	୦.୬୭୭୮୦
୯୬	୬୪୭	ବେସରକାରୀ	ଧାନ / ୧	୦.୦୩୨୩୦୦୦(ହେକ୍ଟର)	୦.୦୭୯୮୦
୯୭	୬୪୮	ବେସରକାରୀ	ଧାନ / ୨	୦.୦୭୬୭୦୦୦(ହେକ୍ଟର)	୦.୧୮୯୫୦
୯୮	୬୪୯	ବେସରକାରୀ	ଗୁଡ଼ା / ୩	୦.୦୪୩୯୦୦୦(ହେକ୍ଟର)	୦.୧୦୮୫୦
୯୯	୬୫୦	ବେସରକାରୀ	ଧାନ / ୩	୦.୦୬୧୫୦୦୦(ହେକ୍ଟର)	୦.୧୫୨୦୦
୧୦୦	୬୫୧	ବେସରକାରୀ	ଧାନ / ୨	୦.୦୩୫୯୦୦୦(ହେକ୍ଟର)	୦.୦୮୮୭୦
୧୦୧	୬୫୨	ସରକାରୀ	ଜଙ୍ଗଲ	୦.୧୯୮୧୦୦୦(ହେକ୍ଟର)	୦.୪୮୯୫୦
୧୦୨	୬୫୩	ବେସରକାରୀ	ଧାନ / ୧	୦.୦୫୨୭୦୦୦(ହେକ୍ଟର)	୦.୧୩୦୨୦
୧୦୩	୬୫୪	ବେସରକାରୀ	ଗୁଡ଼ା / ୨	୦.୦୨୮୯୦୦୦(ହେକ୍ଟର)	୦.୦୭୧୪୦
୧୦୪	୬୫୫	ବେସରକାରୀ	ଧାନ / ୩	୦.୦୭୧୯୦୦୦(ହେକ୍ଟର)	୦.୧୭୭୭୦
୧୦୫	୬୫୬	ବେସରକାରୀ	ଧାନ / ୨	୦.୦୪୫୮୦୦୦(ହେକ୍ଟର)	୦.୧୧୩୨୦
୧୦୬	୬୫୭	ବେସରକାରୀ	ଗୁଡ଼ା / ୩	୦.୦୬୦୧୦୦୦(ହେକ୍ଟର)	୦.୧୪୮୫୦
୧୦୭	୬୫୮	ସରକାରୀ	ନାଳ	୦.୦୨୦୪୦୦୦(ହେକ୍ଟର)	୦.୦୫୦୪୦
୧୦୮	୬୫୯	ବେସରକାରୀ	ଧାନ / ୧	୦.୦୫୭୩୦୦୦(ହେକ୍ଟର)	୦.୧୪୧୬୦
୧୦୯	୬୬୦	ବେସରକାରୀ	ଧାନ / ୨	୦.୦୩୪୨୦୦୦(ହେକ୍ଟର)	୦.୦୮୪୫୦
୧୧୦	୬୬୧	ବେସରକାରୀ	ଗୁଡ଼ା / ୨	୦.୦୭୩୮୦୦୦(ହେକ୍ଟର)	୦.୧୮୨୪୦
୧୧୧	୬୬୨	ବେସରକାରୀ	ଧାନ / ୩	୦.୦୩୯୪୦୦୦(ହେକ୍ଟର)	୦.୦୯୭୪୦
୧୧୨	୬୬୩	ବେସରକାରୀ	ଧାନ / ୨	୦.୦୬୫୬୦୦୦(ହେକ୍ଟର)	୦.୧୬୨୧୦
୧୧୩	୬୬୪	ସରକାରୀ	ରାସ୍ତା	୦.୦୧୮୧୦୦୦(ହେକ୍ଟର)	୦.୦୪୪୭୦
୧୧୪	୬୬୫	ବେସରକାରୀ	ଗୁଡ଼ା / ୩	୦.୦୫୨୧୦୦୦(ହେକ୍ଟର)	୦.୧୨୮୭୦
୧୧୫	୬୬୬	ବେସରକାରୀ	ଧାନ / ୧	୦.୦୩୩୬୦୦୦(ହେକ୍ଟର)	୦.୦୮୩୦୦
୧୧୬	୬୬୭	ବେସରକାରୀ	ଧାନ / ୨	୦.୦୬୮୭୦୦୦(ହେକ୍ଟର)	୦.୧୬୯୮୦
୧୧୭	୬୬୮	ବେସରକାରୀ	ଧାନ / ୩	୦.୦୪୬୮୦୦୦(ହେକ୍ଟର)	୦.୧୧୫୬୦
୧୧୮	୬୬୯	ବେସରକାରୀ	ଗୁଡ଼ା / ୨	୦.୦୫୮୦୦୦୦(ହେକ୍ଟର)	୦.୧୪୩୩୦
୧୧୯	୬୭୦	ସରକାରୀ	ଗୋଚର	୦.୧୦୪୧୦୦୦(ହେକ୍ଟର)	୦.୨୫୭୨୦
୧୨୦	୬୭୧	ବେସରକାରୀ	ଧାନ / ୨	୦.୦୩୮୩୦୦୦(ହେକ୍ଟର)	୦.୦୯୪୬୦
୧୨୧	୬୭୨	ବେସରକାରୀ	ଧାନ / ୩	୦.୦୭୦୯୦୦୦(ହେକ୍ଟର)	୦.୧୭୫୨୦
୧୨୨	୬୭୩	ବେସରକାରୀ	ଗୁଡ଼ା / ୩	୦.୦୪୧୯୦୦୦(ହେକ୍ଟର)	୦.୧୦୩୫୦
୧୨୩	୬୭୪	ବେସରକାରୀ	ଧାନ / ୨	୦.୦୬୨୮୦୦୦(ହେକ୍ଟର)	୦.୧୫୫୨୦
୧୨୪	୬୭୫	ବେସରକାରୀ	ଧାନ / ୧	୦.୦୨୭୬୦୦୦(ହେକ୍ଟର)	୦.୦୬୮୨୦
୧୨୫	୬୭୬	ସରକାରୀ	ନଦୀ	୦.୦୯୫୯୦୦୦(ହେକ୍ଟର)	୦.୨୩୭୦୦
୧୨୬	୬୭୭	ବେସରକାରୀ	ଗୁଡ଼ା / ୨	୦.୦୪୯୪୦୦୦(ହେକ୍ଟର)	୦.୧୨୨୧୦
୧୨୭	୬୭୮	ବେସରକାରୀ	ଧାନ / ୨	୦.୦୫୪୯୦୦୦(ହେକ୍ଟର)	୦.୧୩୫୬୦
୧୨୮	୬୭୯	ବେସରକାରୀ	ଧାନ / ୩	୦.୦୩୧୫୦୦୦(ହେକ୍ଟର)	୦.୦୭୭୮୦
୧୨୯	୬୮୦	ବେସରକାରୀ	ଗୁଡ଼ା / ୩	୦.୦୭୬୦୦୦୦(ହେକ୍ଟର)	୦.୧୮୭୮୦
ଗ୍ରାମ : କାଳିଆପୁଟ
୧	୭୦୧ / ୧	ସରକାରୀ	ପାହାଡ଼	୦.୨୧୧୫୦୦୦(ହେକ୍ଟର)	୦.୫୨୨୬୦
୨	୭୦୨	ବେସରକାରୀ	ଧାନ / ୨	୦.୦୪୫୧୦୦୦(ହେକ୍ଟର)	୦.୧୧୧୪୦
୩	୭୦୩	ବେସରକାରୀ	ଧାନ / ୩	୦.୦୬୪୫୦୦୦(ହେକ୍ଟର)	୦.୧୫୯୪୦
୪	୭୦୪	ବେସରକାରୀ	ଗୁଡ଼ା / ୨	୦.୦୩୭୩୦୦୦(ହେକ୍ଟର)	୦.୦୯୨୨୦
୫	୭୦୫	ବେସରକାରୀ	ଧାନ / ୧	୦.୦୫୫୭୦୦୦(ହେକ୍ଟର)	୦.୧୩୭୬୦
୬	୭୦୬	ସରକାରୀ	ଜଙ୍ଗଲ	୦.୧୭୮୬୦୦୦(ହେକ୍ଟର)	୦.୪୪୧୩୦
୭	୭୦୭	ବେସରକାରୀ	ଧାନ / ୨	୦.୦୨୯୯୦୦୦(ହେକ୍ଟର)	୦.୦୭୩୯୦
୮	୭୦୮	ବେସରକାରୀ	ଗୁଡ଼ା / ୩	୦.୦୭୦୪୦୦୦(ହେକ୍ଟର)	୦.୧୭୪୦୦
୯	୭୦୯	ବେସରକାରୀ	ଧାନ / ୩	୦.୦୪୩୧୦୦୦(ହେକ୍ଟର)	୦.୧୦୬୫୦
୧୦	୭୧୦	ବେସରକାରୀ	ଧାନ / ୨	୦.୦୬୦୬୦୦୦(ହେକ୍ଟର)	୦.୧୪୯୭୦
୧୧	୭୧୧	ସରକାରୀ	ନାଳ	୦.୦୨୧୭୦୦୦(ହେକ୍ଟର)	୦.୦୫୩୬୦
୧୨	୭୧୨	ବେସରକାରୀ	ଗୁଡ଼ା / ୨	୦.୦୫୩୩୦୦୦(ହେକ୍ଟର)	୦.୧୩୧୭୦
୧୩	୭୧୩	ବେସରକାରୀ	ଧାନ / ୧	୦.୦୩୫୬୦୦୦(ହେକ୍ଟର)	୦.୦୮୮୦୦
୧୪	୭୧୪	ବେସରକାରୀ	ଧାନ / ୩	୦.୦୭୭୩୦୦୦(ହେକ୍ଟର)	୦.୧୯୧୦୦
୧୫	୭୧୫	ବେସରକାରୀ	ଧାନ / ୨	୦.୦୪୪୬୦୦୦(ହେକ୍ଟର)	୦.୧୧୦୨୦
୧୬	୭୧୬	ବେସରକାରୀ	ଗୁଡ଼ା / ୩	୦.୦୫୬୫୦୦୦(ହେକ୍ଟର)	୦.୧୩୯୬୦
୧୭	୭୧୭	ସରକାରୀ	ରାସ୍ତା	୦.୦୧୮୩୦୦୦(ହେକ୍ଟର)	୦.୦୪୫୨୦
୧୮	୭୧୮	ବେସରକାରୀ	ଧାନ / ୨	୦.୦୬୭୭୦୦୦(ହେକ୍ଟର)	୦.୧୬୭୩୦
୧୯	୭୧୯	ବେସରକାରୀ	ଧାନ / ୩	୦.୦୩୮୮୦୦୦(ହେକ୍ଟର)	୦.୦୯୫୯୦
୨୦	୭୨୦	ବେସରକାରୀ	ଗୁଡ଼ା / ୨	୦.୦୫୯୨୦୦୦(ହେକ୍ଟର)	୦.୧୪୬୩୦
୨୧	୭୨୧	ବେସରକାରୀ	ଧାନ / ୧	୦.୦୨୬୫୦୦୦(ହେକ୍ଟର)	୦.୦୬୫୫୦
୨୨	୭୨୨	ବେସରକାରୀ	ଧାନ / ୨	୦.୦୭୨୨୦୦୦(ହେକ୍ଟର)	୦.୧୭୮୪୦
ଗ୍ରାମ : ବରଗାଁ
୧	୮୦୧	ବେସରକାରୀ	ଧାନ / ୨	୦.୧୬୫୨୦୦୦(ହେକ୍ଟର)	୦.୪୦୮୨୦
୨	୮୦୨	ବେସରକାରୀ	ଗୁଡ଼ା / ୩	୦.୦୪୭୮୦୦୦(ହେକ୍ଟର)	୦.୧୧୮୧୦
୩	୮୦୩	ବେସରକାରୀ	ଧାନ / ୩	୦.୦୬୧୧୦୦୦(ହେକ୍ଟର)	୦.୧୫୧୦୦
୪	୮୦୪	ସରକାରୀ	ଗୋଚର	୦.୧୧୨୫୦୦୦(ହେକ୍ଟର)	୦.୨୭୮୦୦
୫	୮୦୫	ବେସରକାରୀ	ଧାନ / ୨	୦.୦୩୨୭୦୦୦(ହେକ୍ଟର)	୦.୦୮୦୮୦
୬	୮୦୬	ବେସରକାରୀ	ଗୁଡ଼ା / ୨	୦.୦୭୪୯୦୦୦(ହେକ୍ଟର)	୦.୧୮୫୧୦
୭	୮୦୭	ବେସରକାରୀ	ଧାନ / ୧	୦.୦୪୦୫୦୦୦(ହେକ୍ଟର)	୦.୧୦୦୧୦
୮	୮୦୮	ବେସରକାରୀ	ଧାନ / ୩	୦.୦୬୫୧୦୦୦(ହେକ୍ଟର)	୦.୧୬୦୯୦
୯	୮୦୯	ସରକାରୀ	ଜଙ୍ଗଲ	୦.୧୫୯୩୦୦୦(ହେକ୍ଟର)	୦.୩୯୩୬୦
୧୦	୮୧୦	ବେସରକାରୀ	ଧାନ / ୨	୦.୦୫୩୮୦୦୦(ହେକ୍ଟର)	୦.୧୩୨୯୦
୧୧	୮୧୧	ବେସରକାରୀ	ଗୁଡ଼ା / ୩	୦.୦୩୦୫୦୦୦(ହେକ୍ଟର)	୦.୦୭୫୪୦
୧୨	୮୧୨	ବେସରକାରୀ	ଧାନ / ୨	୦.୦୬୯୩୦୦୦(ହେକ୍ଟର)	୦.୧୭୧୨୦
Cont'd...
